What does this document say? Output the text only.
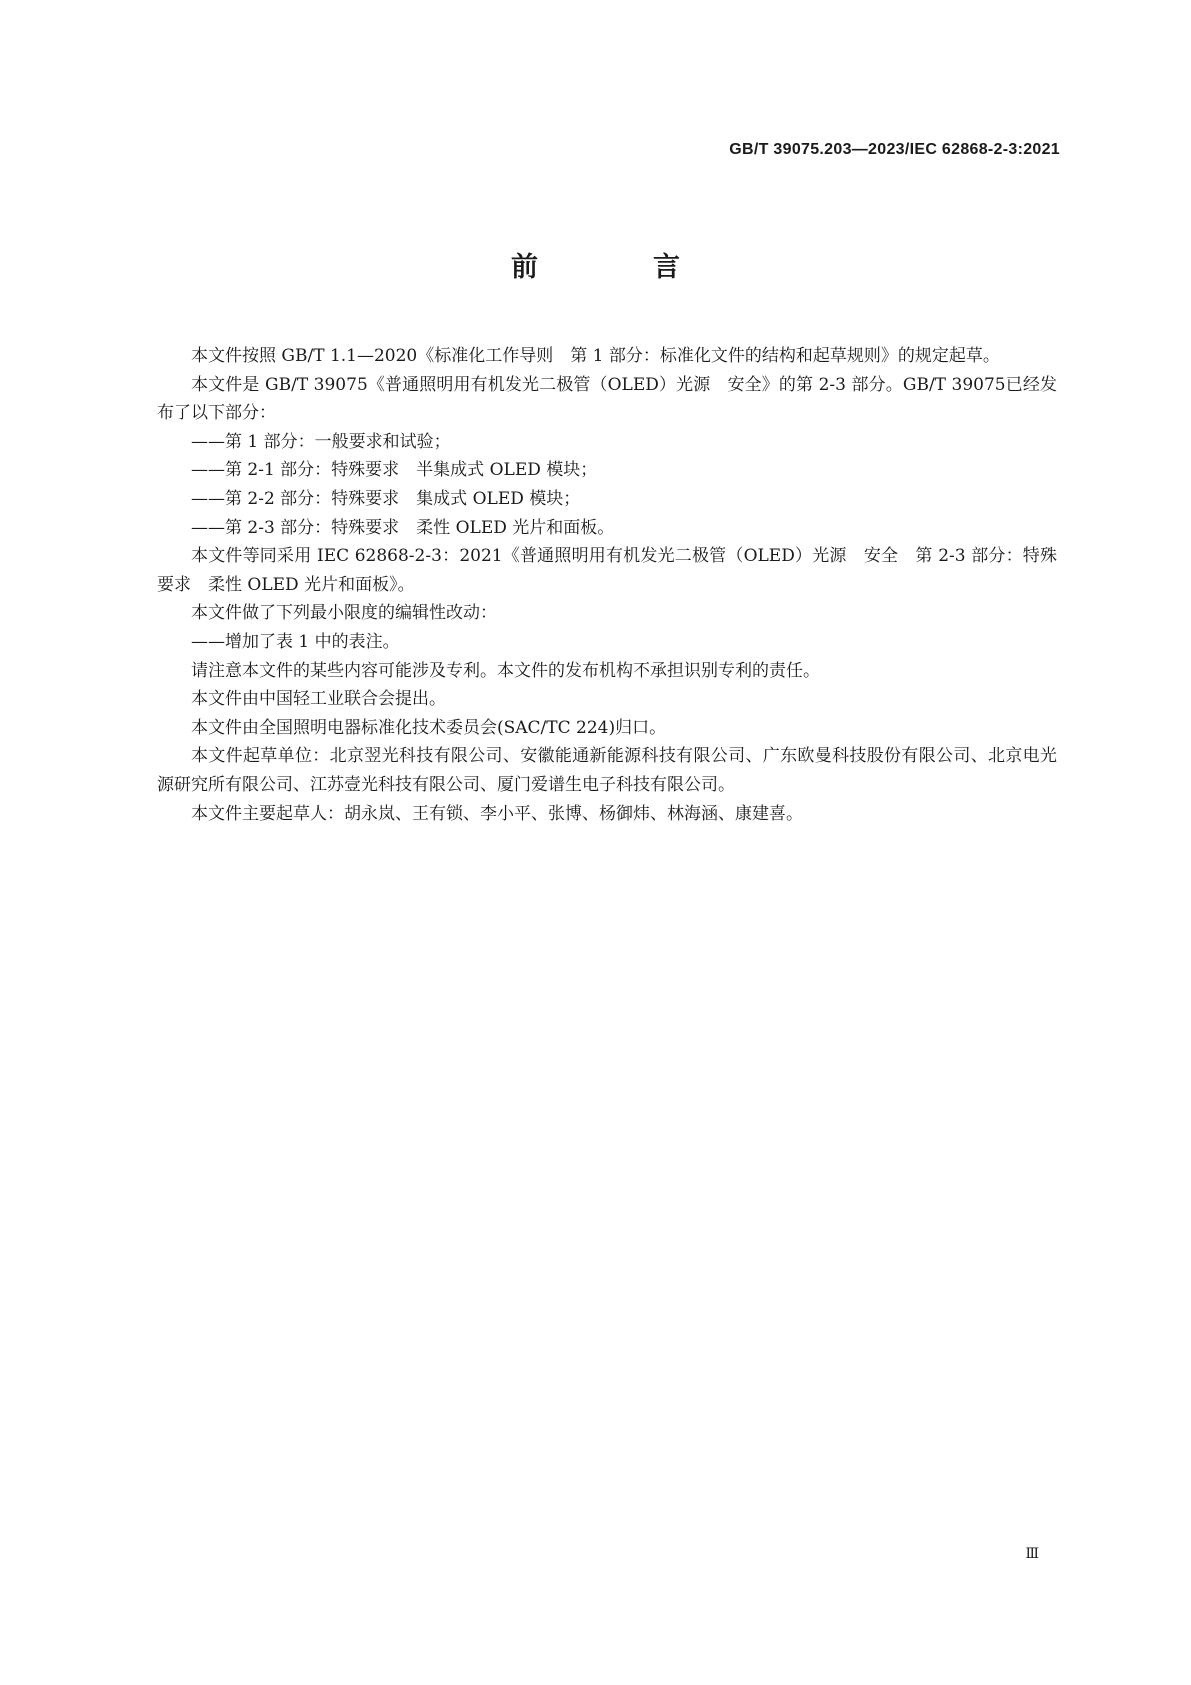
GB/T 39075.203—2023/IEC 62868-2-3:2021
前　言

本文件按照 GB/T 1.1—2020《标准化工作导则　第 1 部分：标准化文件的结构和起草规则》的规定起草。

本文件是 GB/T 39075《普通照明用有机发光二极管（OLED）光源　安全》的第 2-3 部分。GB/T 39075已经发布了以下部分：

——第 1 部分：一般要求和试验；

——第 2-1 部分：特殊要求　半集成式 OLED 模块；

——第 2-2 部分：特殊要求　集成式 OLED 模块；

——第 2-3 部分：特殊要求　柔性 OLED 光片和面板。

本文件等同采用 IEC 62868-2-3：2021《普通照明用有机发光二极管（OLED）光源　安全　第 2-3 部分：特殊要求　柔性 OLED 光片和面板》。

本文件做了下列最小限度的编辑性改动：

——增加了表 1 中的表注。

请注意本文件的某些内容可能涉及专利。本文件的发布机构不承担识别专利的责任。

本文件由中国轻工业联合会提出。

本文件由全国照明电器标准化技术委员会(SAC/TC 224)归口。

本文件起草单位：北京翌光科技有限公司、安徽能通新能源科技有限公司、广东欧曼科技股份有限公司、北京电光源研究所有限公司、江苏壹光科技有限公司、厦门爱谱生电子科技有限公司。

本文件主要起草人：胡永岚、王有锁、李小平、张博、杨御炜、林海涵、康建喜。

Ⅲ
